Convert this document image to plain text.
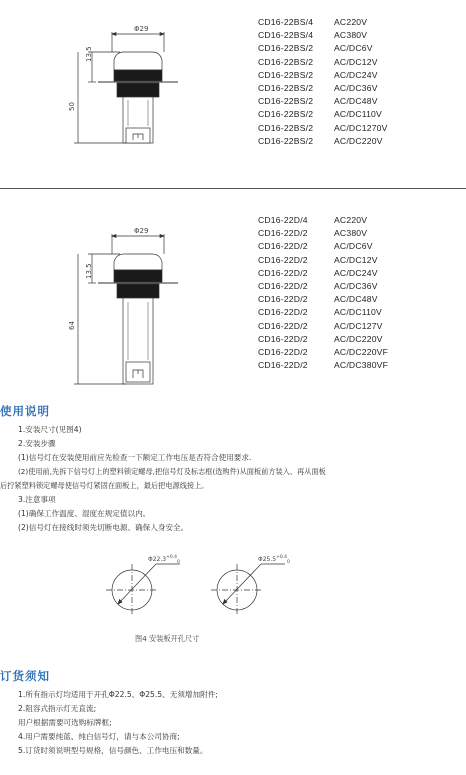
Φ29
13.5
50
CD16-22BS/4 AC220V
CD16-22BS/4 AC380V
CD16-22BS/2 AC/DC6V
CD16-22BS/2 AC/DC12V
CD16-22BS/2 AC/DC24V
CD16-22BS/2 AC/DC36V
CD16-22BS/2 AC/DC48V
CD16-22BS/2 AC/DC110V
CD16-22BS/2 AC/DC1270V
CD16-22BS/2 AC/DC220V
Φ29
13.5
64
CD16-22D/4	AC220V
CD16-22D/2	AC380V
CD16-22D/2	AC/DC6V
CD16-22D/2	AC/DC12V
CD16-22D/2	AC/DC24V
CD16-22D/2	AC/DC36V
CD16-22D/2	AC/DC48V
CD16-22D/2	AC/DC110V
CD16-22D/2	AC/DC127V
CD16-22D/2	AC/DC220V
CD16-22D/2	AC/DC220VF
CD16-22D/2	AC/DC380VF
使用说明
1.安装尺寸(见图4)
2.安装步骤
(1)信号灯在安装使用前应先检查一下额定工作电压是否符合使用要求.
(2)使用前,先拆下信号灯上的塑料锁定螺母,把信号灯及标志框(选购件)从面板前方装入、再从面板
后拧紧塑料锁定螺母使信号灯紧固在面板上，最后把电源线接上。
3.注意事项
(1)确保工作温度、湿度在规定值以内。
(2)信号灯在接线时须先切断电源、确保人身安全。
$\Phi 22.3^{+0.4}_0$	$\Phi 25.5^{+0.4}_0$
图4 安装板开孔尺寸
订货须知
1.所有指示灯均适用于开孔Φ22.5、Φ25.5、无须增加附件;
2.阻容式指示灯无直流;
用户根据需要可选购标牌框;
4.用户需要纯蓝、纯白信号灯，请与本公司协商;
5.订货时须说明型号规格，信号颜色、工作电压和数量。
